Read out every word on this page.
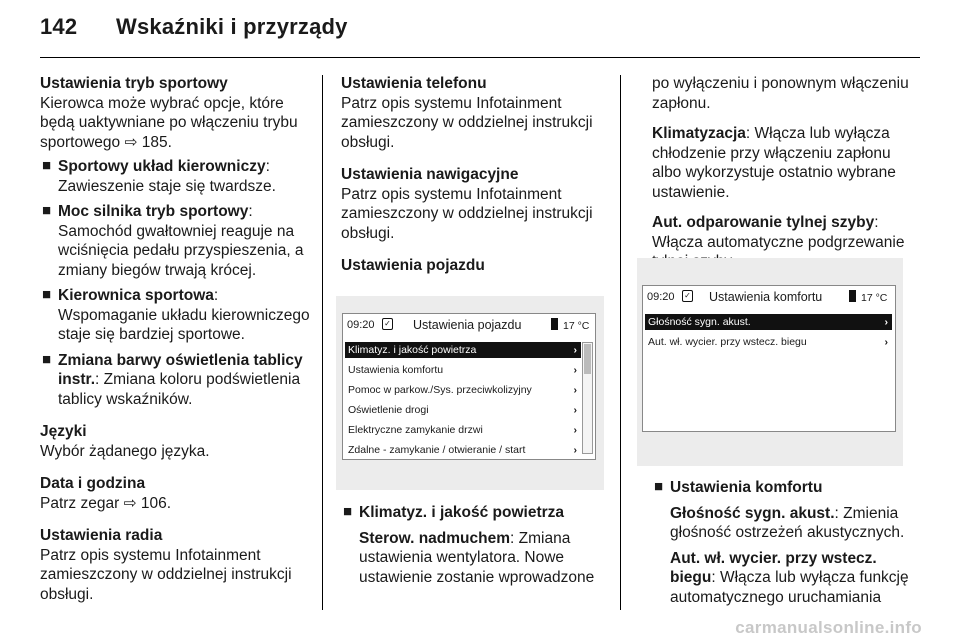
142 Wskaźniki i przyrządy
Ustawienia tryb sportowy
Kierowca może wybrać opcje, które będą uaktywniane po włączeniu trybu sportowego ⇨ 185.
■ Sportowy układ kierowniczy:
Zawieszenie staje się twardsze.
■ Moc silnika tryb sportowy:
Samochód gwałtowniej reaguje na wciśnięcia pedału przyspieszenia, a zmiany biegów trwają krócej.
■ Kierownica sportowa:
Wspomaganie układu kierowniczego staje się bardziej sportowe.
■ Zmiana barwy oświetlenia tablicy instr.: Zmiana koloru podświetlenia tablicy wskaźników.
Języki
Wybór żądanego języka.
Data i godzina
Patrz zegar ⇨ 106.
Ustawienia radia
Patrz opis systemu Infotainment zamieszczony w oddzielnej instrukcji obsługi.
Ustawienia telefonu
Patrz opis systemu Infotainment zamieszczony w oddzielnej instrukcji obsługi.
Ustawienia nawigacyjne
Patrz opis systemu Infotainment zamieszczony w oddzielnej instrukcji obsługi.
Ustawienia pojazdu
09:20 ✓ Ustawienia pojazdu	17 °C
Klimatyz. i jakość powietrza	›
Ustawienia komfortu	›
Pomoc w parkow./Sys. przeciwkolizyjny	›
Oświetlenie drogi	›
Elektryczne zamykanie drzwi	›
Zdalne - zamykanie / otwieranie / start	›
■ Klimatyz. i jakość powietrza
Sterow. nadmuchem: Zmiana ustawienia wentylatora. Nowe ustawienie zostanie wprowadzone
po wyłączeniu i ponownym włączeniu zapłonu.
Klimatyzacja: Włącza lub wyłącza chłodzenie przy włączeniu zapłonu albo wykorzystuje ostatnio wybrane ustawienie.
Aut. odparowanie tylnej szyby: Włącza automatyczne podgrzewanie
09:20 ✓ Ustawienia komfortu	17 °C
Głośność sygn. akust.	›
Aut. wł. wycier. przy wstecz. biegu	›
■ Ustawienia komfortu
Głośność sygn. akust.: Zmienia głośność ostrzeżeń akustycznych.
Aut. wł. wycier. przy wstecz. biegu: Włącza lub wyłącza funkcję automatycznego uruchamiania
carmanualsonline.info
